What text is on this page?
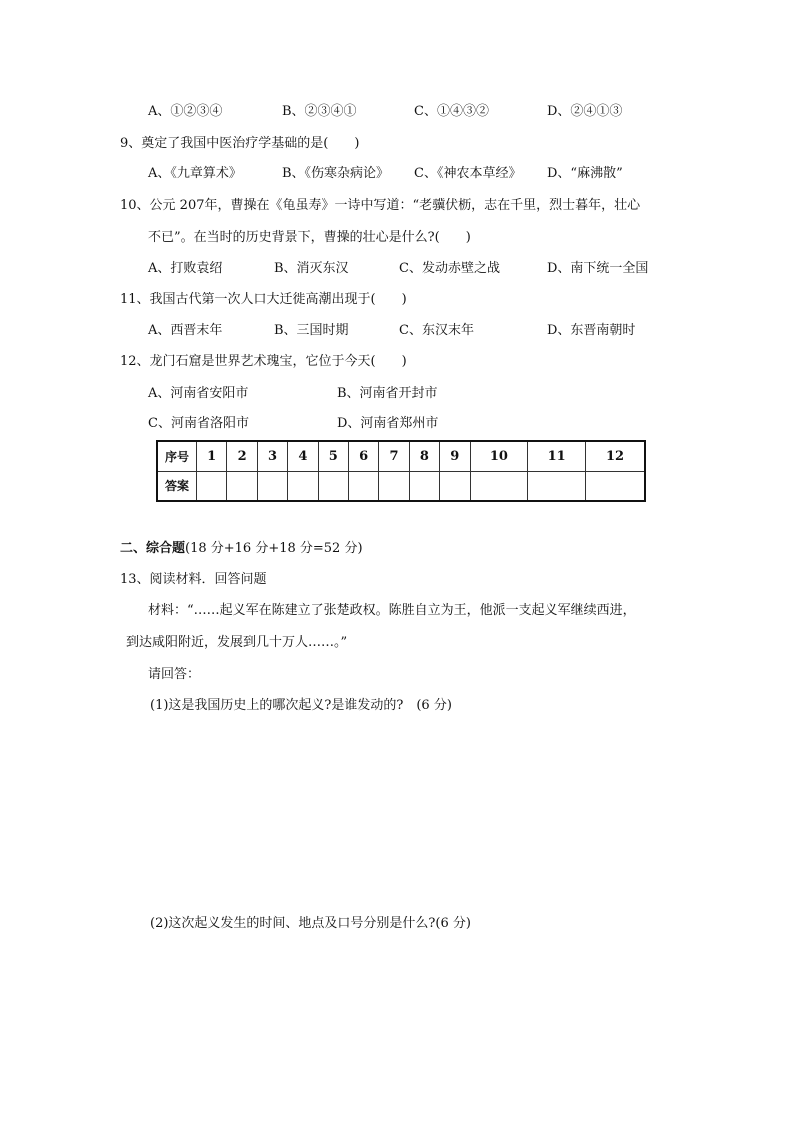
A、①②③④	B、②③④①	C、①④③②	D、②④①③
9、奠定了我国中医治疗学基础的是(　　)
A、《九章算术》	B、《伤寒杂病论》 C、《神农本草经》 D、“麻沸散”
10、公元 207年，曹操在《龟虽寿》一诗中写道：“老骥伏枥，志在千里，烈士暮年，壮心
不已”。在当时的历史背景下，曹操的壮心是什么?(　　)
A、打败袁绍	B、消灭东汉	C、发动赤壁之战	D、南下统一全国
11、我国古代第一次人口大迁徙高潮出现于(　　)
A、西晋末年	B、三国时期	C、东汉末年	D、东晋南朝时
12、龙门石窟是世界艺术瑰宝，它位于今天(　　)
A、河南省安阳市	B、河南省开封市
C、河南省洛阳市	D、河南省郑州市
序号	1	2	3	4	5	6	7	8	9	10	11	12
答案												
二、综合题(18 分+16 分+18 分=52 分)
13、阅读材料．回答问题
材料：“……起义军在陈建立了张楚政权。陈胜自立为王，他派一支起义军继续西进，
到达咸阳附近，发展到几十万人……。”
请回答：
(1)这是我国历史上的哪次起义?是谁发动的?　(6 分)
(2)这次起义发生的时间、地点及口号分别是什么?(6 分)
